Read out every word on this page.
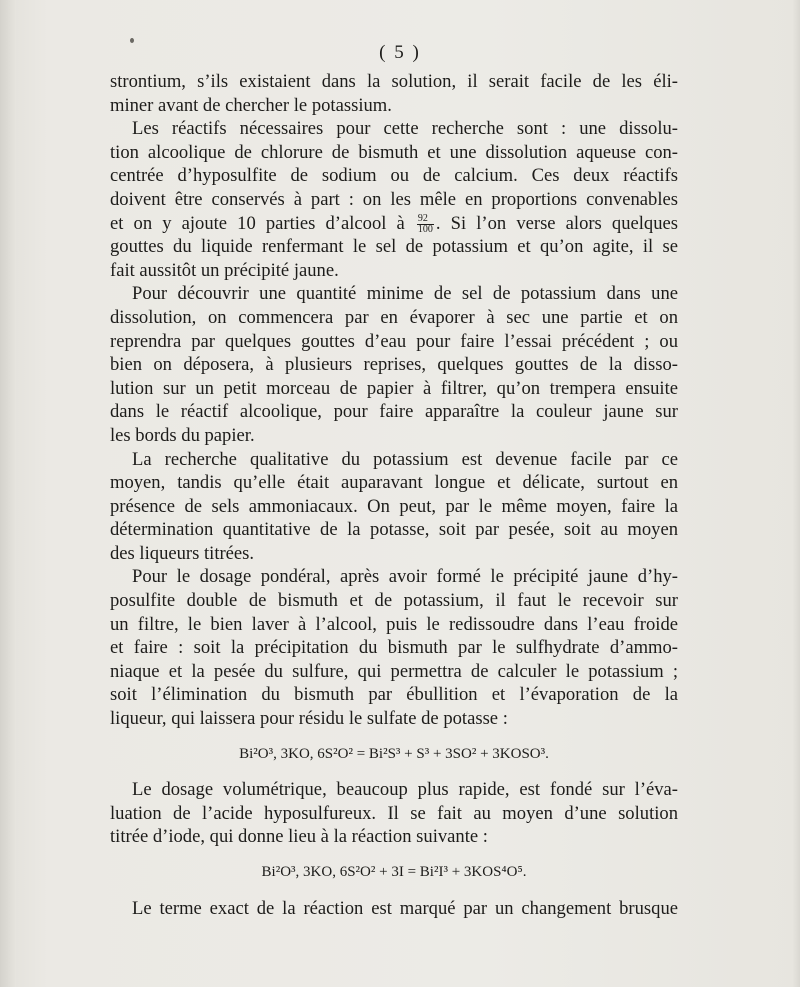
( 5 )
strontium, s’ils existaient dans la solution, il serait facile de les éli-
miner avant de chercher le potassium.
Les réactifs nécessaires pour cette recherche sont : une dissolu-
tion alcoolique de chlorure de bismuth et une dissolution aqueuse con-
centrée d’hyposulfite de sodium ou de calcium. Ces deux réactifs
doivent être conservés à part : on les mêle en proportions convenables
et on y ajoute 10 parties d’alcool à $\frac{92}{100}$ . Si l’on verse alors quelques
gouttes du liquide renfermant le sel de potassium et qu’on agite, il se
fait aussitôt un précipité jaune.
Pour découvrir une quantité minime de sel de potassium dans une
dissolution, on commencera par en évaporer à sec une partie et on
reprendra par quelques gouttes d’eau pour faire l’essai précédent ; ou
bien on déposera, à plusieurs reprises, quelques gouttes de la disso-
lution sur un petit morceau de papier à filtrer, qu’on trempera ensuite
dans le réactif alcoolique, pour faire apparaître la couleur jaune sur
les bords du papier.
La recherche qualitative du potassium est devenue facile par ce
moyen, tandis qu’elle était auparavant longue et délicate, surtout en
présence de sels ammoniacaux. On peut, par le même moyen, faire la
détermination quantitative de la potasse, soit par pesée, soit au moyen
des liqueurs titrées.
Pour le dosage pondéral, après avoir formé le précipité jaune d’hy-
posulfite double de bismuth et de potassium, il faut le recevoir sur
un filtre, le bien laver à l’alcool, puis le redissoudre dans l’eau froide
et faire : soit la précipitation du bismuth par le sulfhydrate d’ammo-
niaque et la pesée du sulfure, qui permettra de calculer le potassium ;
soit l’élimination du bismuth par ébullition et l’évaporation de la
liqueur, qui laissera pour résidu le sulfate de potasse :
Bi²O³, 3KO, 6S²O² = Bi²S³ + S³ + 3SO² + 3KOSO³.
Le dosage volumétrique, beaucoup plus rapide, est fondé sur l’éva-
luation de l’acide hyposulfureux. Il se fait au moyen d’une solution
titrée d’iode, qui donne lieu à la réaction suivante :
Bi²O³, 3KO, 6S²O² + 3I = Bi²I³ + 3KOS⁴O⁵.
Le terme exact de la réaction est marqué par un changement brusque
